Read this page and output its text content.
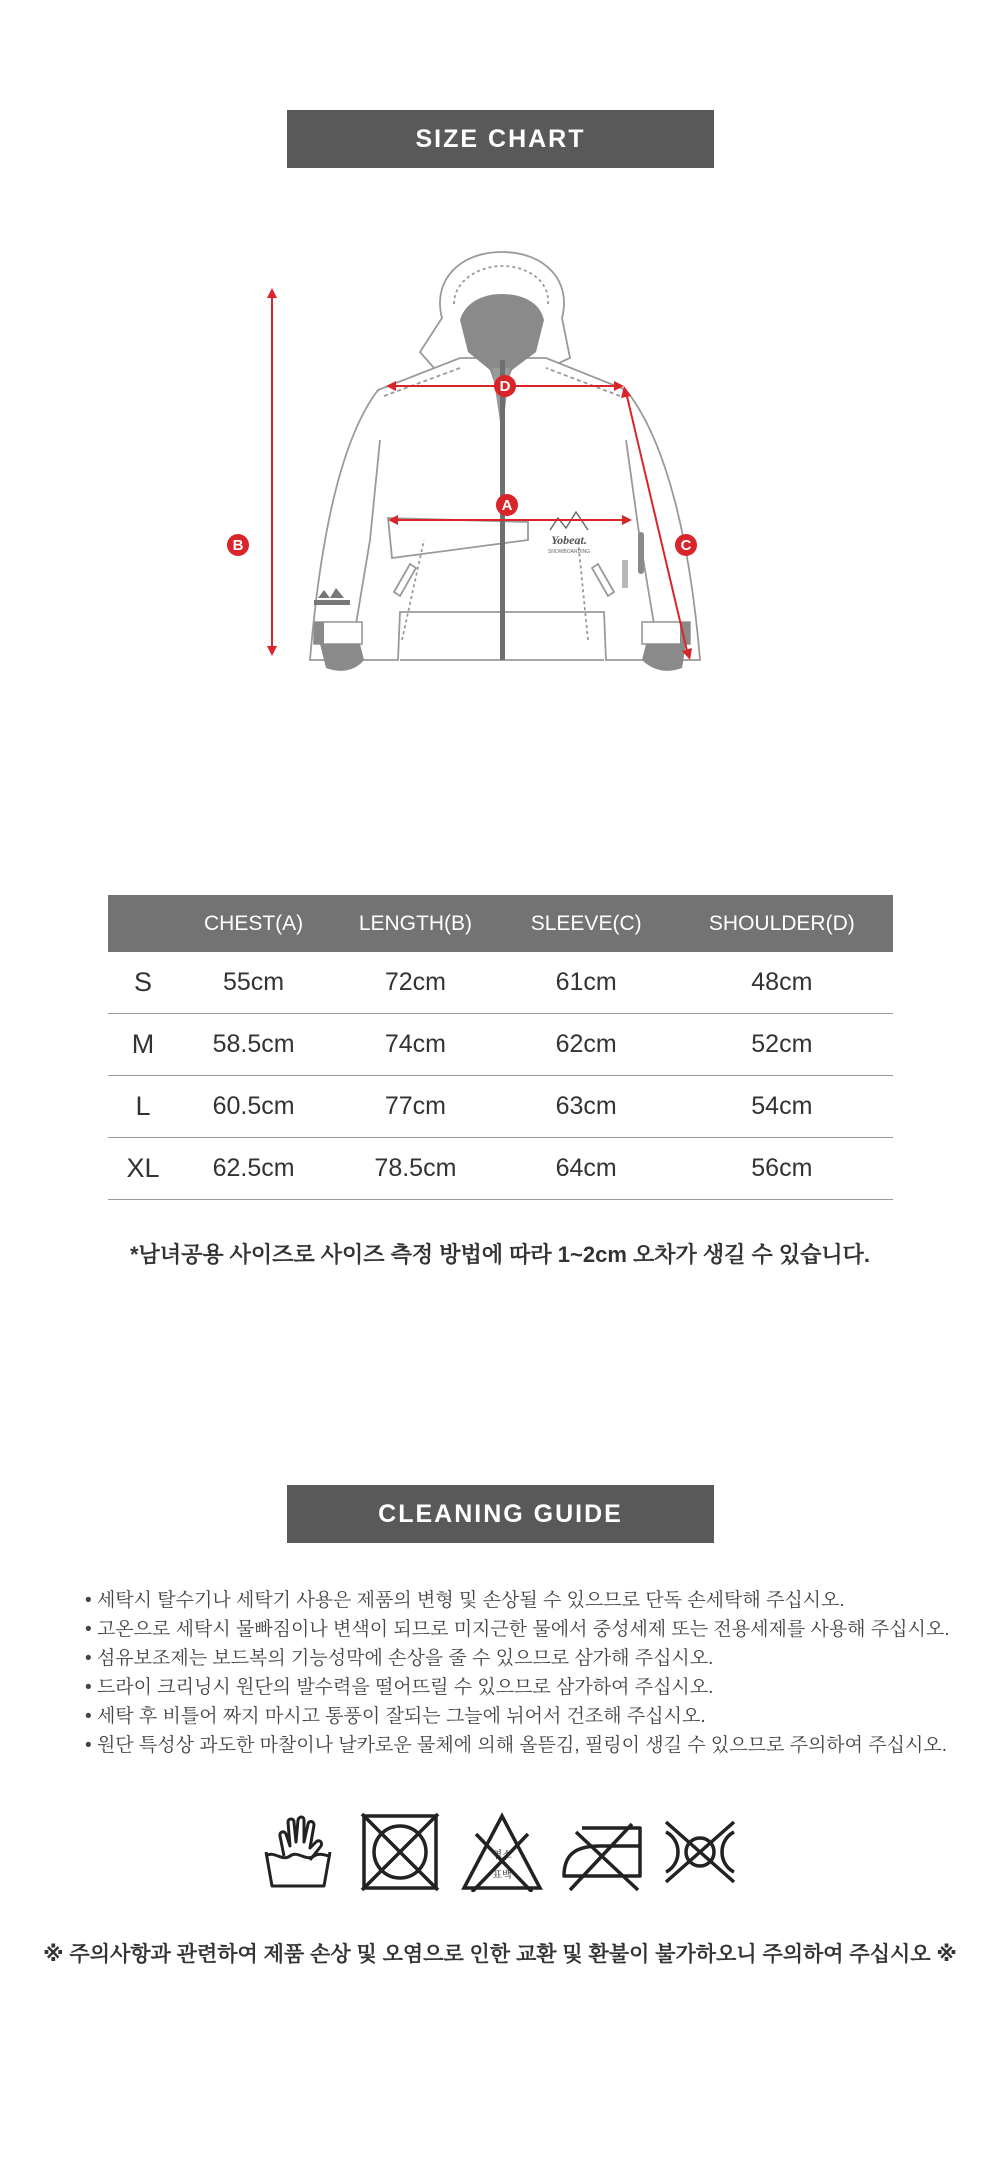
SIZE CHART
Yobeat.
SNOWBOARDING
D
A
B	C
	CHEST(A)	LENGTH(B)	SLEEVE(C)	SHOULDER(D)
S	55cm	72cm	61cm	48cm
M	58.5cm	74cm	62cm	52cm
L	60.5cm	77cm	63cm	54cm
XL	62.5cm	78.5cm	64cm	56cm
*남녀공용 사이즈로 사이즈 측정 방법에 따라 1~2cm 오차가 생길 수 있습니다.
CLEANING GUIDE
• 세탁시 탈수기나 세탁기 사용은 제품의 변형 및 손상될 수 있으므로 단독 손세탁해 주십시오.
• 고온으로 세탁시 물빠짐이나 변색이 되므로 미지근한 물에서 중성세제 또는 전용세제를 사용해 주십시오.
• 섬유보조제는 보드복의 기능성막에 손상을 줄 수 있으므로 삼가해 주십시오.
• 드라이 크리닝시 원단의 발수력을 떨어뜨릴 수 있으므로 삼가하여 주십시오.
• 세탁 후 비틀어 짜지 마시고 통풍이 잘되는 그늘에 뉘어서 건조해 주십시오.
• 원단 특성상 과도한 마찰이나 날카로운 물체에 의해 올뜯김, 필링이 생길 수 있으므로 주의하여 주십시오.
염소
표백
※ 주의사항과 관련하여 제품 손상 및 오염으로 인한 교환 및 환불이 불가하오니 주의하여 주십시오 ※
